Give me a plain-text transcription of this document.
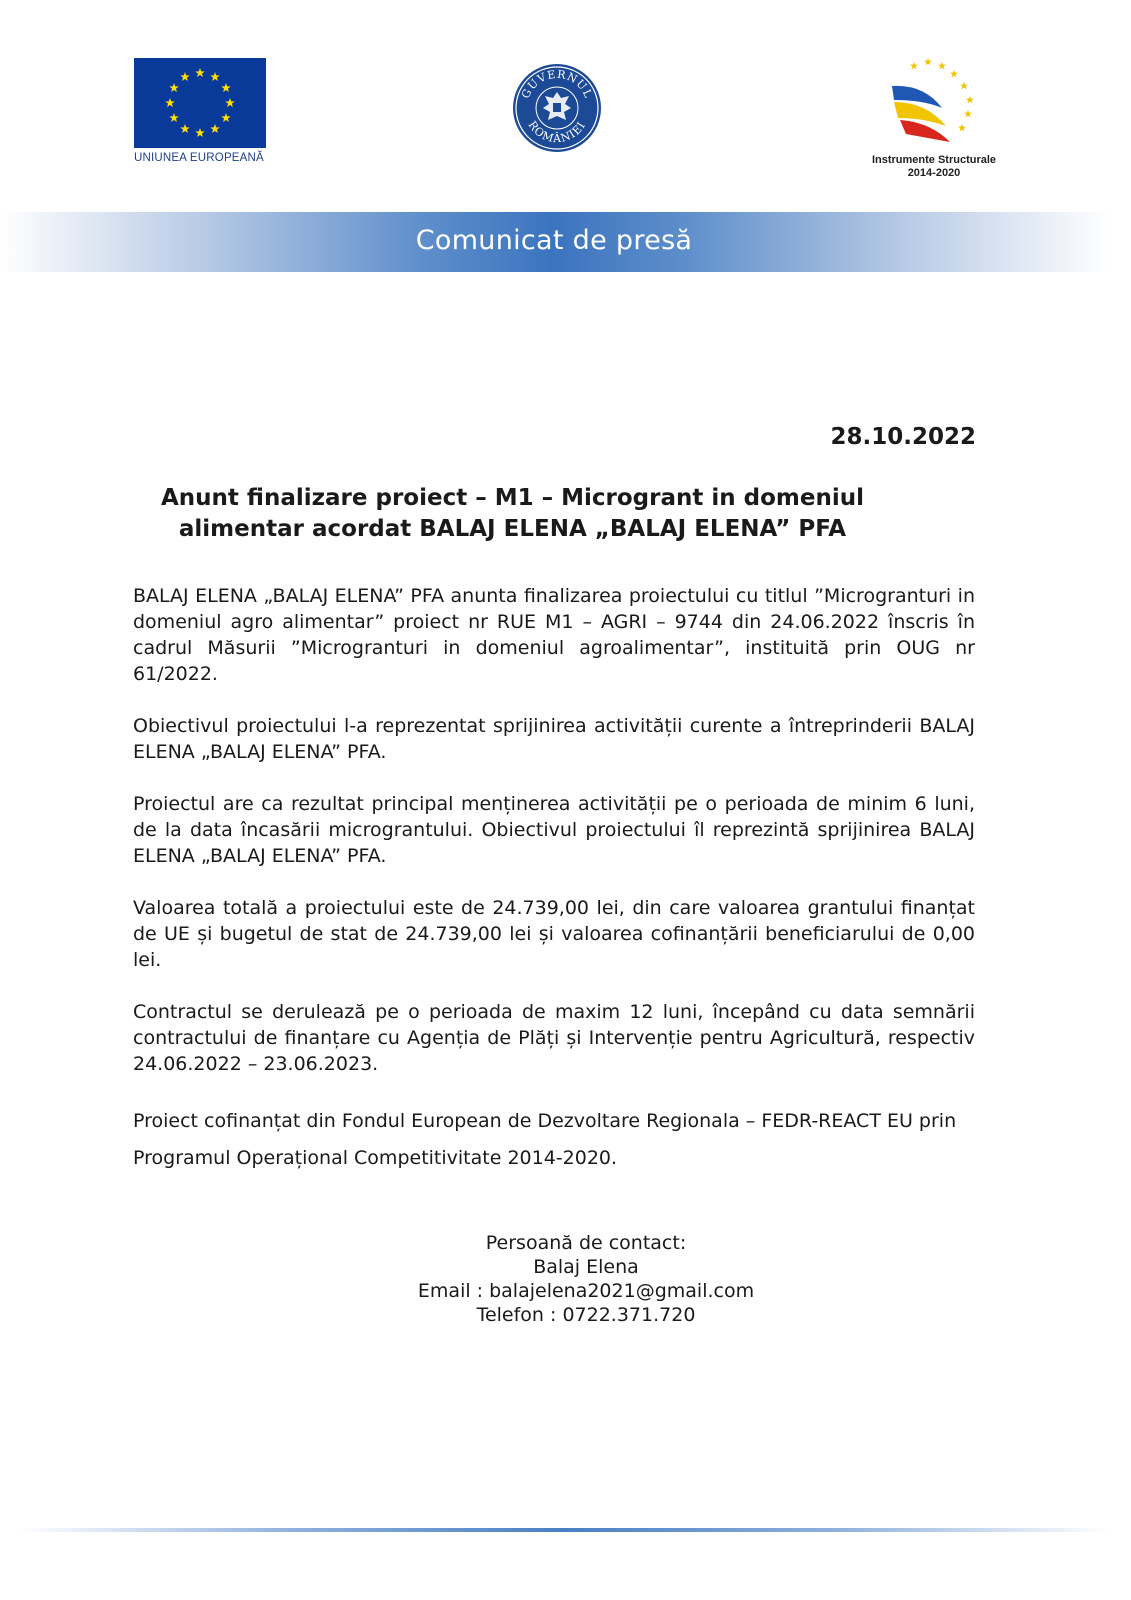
UNIUNEA EUROPEANĂ
GUVERNUL
ROMÂNIEI
Instrumente Structurale
2014-2020
Comunicat de presă
28.10.2022
Anunt finalizare proiect – M1 – Microgrant in domeniul alimentar acordat BALAJ ELENA „BALAJ ELENA” PFA

BALAJ ELENA „BALAJ ELENA” PFA anunta finalizarea proiectului cu titlul ”Microgranturi in domeniul agro alimentar” proiect nr RUE M1 – AGRI – 9744 din 24.06.2022 înscris în cadrul Măsurii ”Microgranturi in domeniul agroalimentar”, instituită prin OUG nr 61/2022.

Obiectivul proiectului l-a reprezentat sprijinirea activității curente a întreprinderii BALAJ ELENA „BALAJ ELENA” PFA.

Proiectul are ca rezultat principal menținerea activității pe o perioada de minim 6 luni, de la data încasării micrograntului. Obiectivul proiectului îl reprezintă sprijinirea BALAJ ELENA „BALAJ ELENA” PFA.

Valoarea totală a proiectului este de 24.739,00 lei, din care valoarea grantului finanțat de UE și bugetul de stat de 24.739,00 lei și valoarea cofinanțării beneficiarului de 0,00 lei.

Contractul se derulează pe o perioada de maxim 12 luni, începând cu data semnării contractului de finanțare cu Agenția de Plăți și Intervenție pentru Agricultură, respectiv 24.06.2022 – 23.06.2023.

Proiect cofinanțat din Fondul European de Dezvoltare Regionala – FEDR-REACT EU prin Programul Operațional Competitivitate 2014-2020.

Persoană de contact:
Balaj Elena
Email : balajelena2021@gmail.com
Telefon : 0722.371.720
